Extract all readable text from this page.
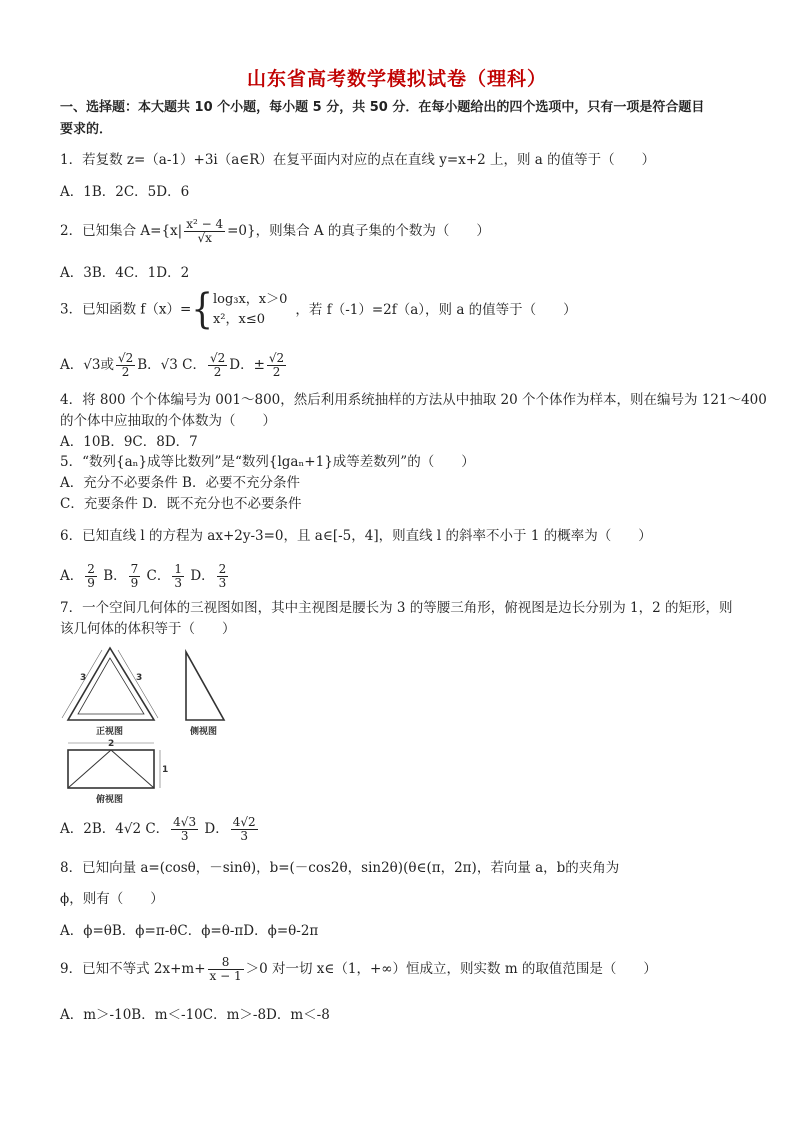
山东省高考数学模拟试卷（理科）
一、选择题：本大题共 10 个小题，每小题 5 分，共 50 分．在每小题给出的四个选项中，只有一项是符合题目
要求的．
1．若复数 z=（a-1）+3i（a∈R）在复平面内对应的点在直线 y=x+2 上，则 a 的值等于（　　）
A．1B．2C．5D．6
2．已知集合 $A=\{x| \frac{\text{x² − 4}}{√x} =0\}$，则集合 A 的真子集的个数为（　　）
A．3B．4C．1D．2
3．已知函数 f（x）={ log₃x，x＞0
x²，x≤0
，若 f（-1）=2f（a），则 a 的值等于（　　）
A．√3或 $\frac{√2}{2}$ B．√3 C． $\frac{√2}{2}$ D．± $\frac{√2}{2}$
4．将 800 个个体编号为 001～800，然后利用系统抽样的方法从中抽取 20 个个体作为样本，则在编号为 121～400
的个体中应抽取的个体数为（　　）
A．10B．9C．8D．7
5．“数列{aₙ}成等比数列”是“数列{lgaₙ+1}成等差数列”的（　　）
A．充分不必要条件 B．必要不充分条件
C．充要条件 D．既不充分也不必要条件
6．已知直线 l 的方程为 ax+2y-3=0，且 a∈[-5，4]，则直线 l 的斜率不小于 1 的概率为（　　）
A． $\frac{2}{9}$ B． $\frac{7}{9}$ C． $\frac{1}{3}$ D． $\frac{2}{3}$
7．一个空间几何体的三视图如图，其中主视图是腰长为 3 的等腰三角形，俯视图是边长分别为 1，2 的矩形，则
该几何体的体积等于（　　）
3	3
正视图	侧视图
2
1
俯视图
A．2B．4√2 C． $\frac{4√3}{3}$ D． $\frac{4√2}{3}$
8．已知向量 a=(cosθ，－sinθ)，b=(－cos2θ，sin2θ)(θ∈(π，2π)，若向量 a，b的夹角为
ϕ，则有（　　）
A．ϕ=θB．ϕ=π-θC．ϕ=θ-πD．ϕ=θ-2π
9．已知不等式 $2x+m+ \frac{8}{x - 1} >0$ 对一切 x∈（1，+∞）恒成立，则实数 m 的取值范围是（　　）
A．m＞-10B．m＜-10C．m＞-8D．m＜-8
